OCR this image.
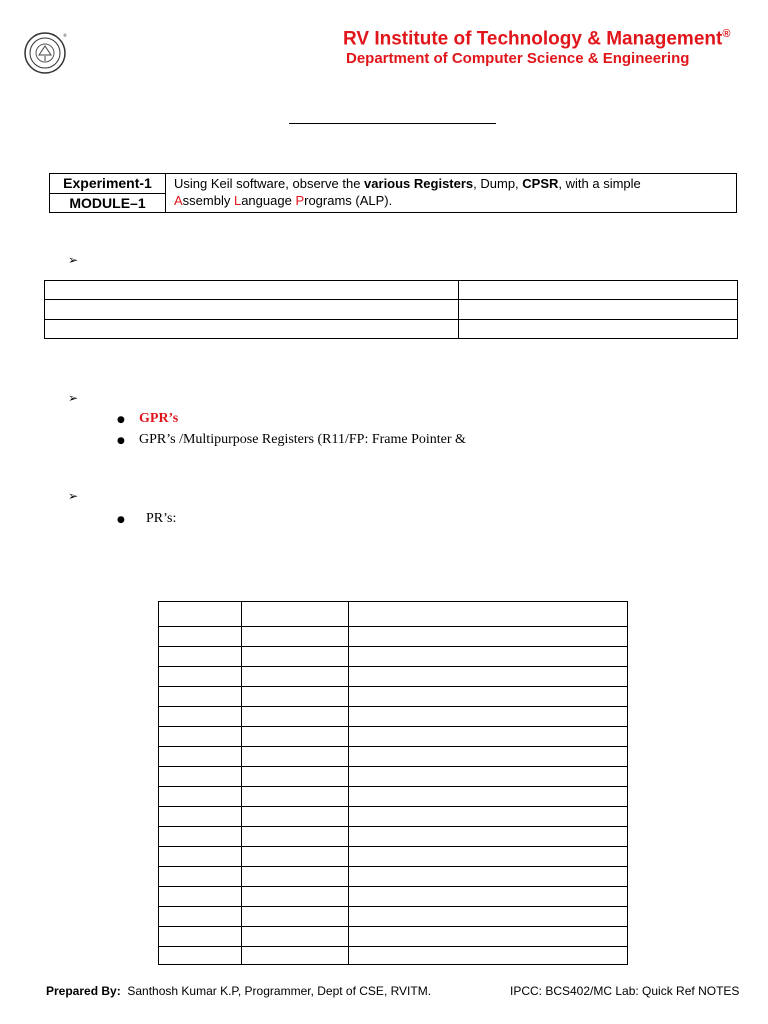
®	RV Institute of Technology & Management®
Department of Computer Science & Engineering
Experiment-1
MODULE–1
Using Keil software, observe the various Registers, Dump, CPSR, with a simple
Assembly Language Programs (ALP).
➢
➢
● GPR’s
● GPR’s /Multipurpose Registers (R11/FP: Frame Pointer &
➢
● PR’s:
Prepared By: Santhosh Kumar K.P, Programmer, Dept of CSE, RVITM.	IPCC: BCS402/MC Lab: Quick Ref NOTES
